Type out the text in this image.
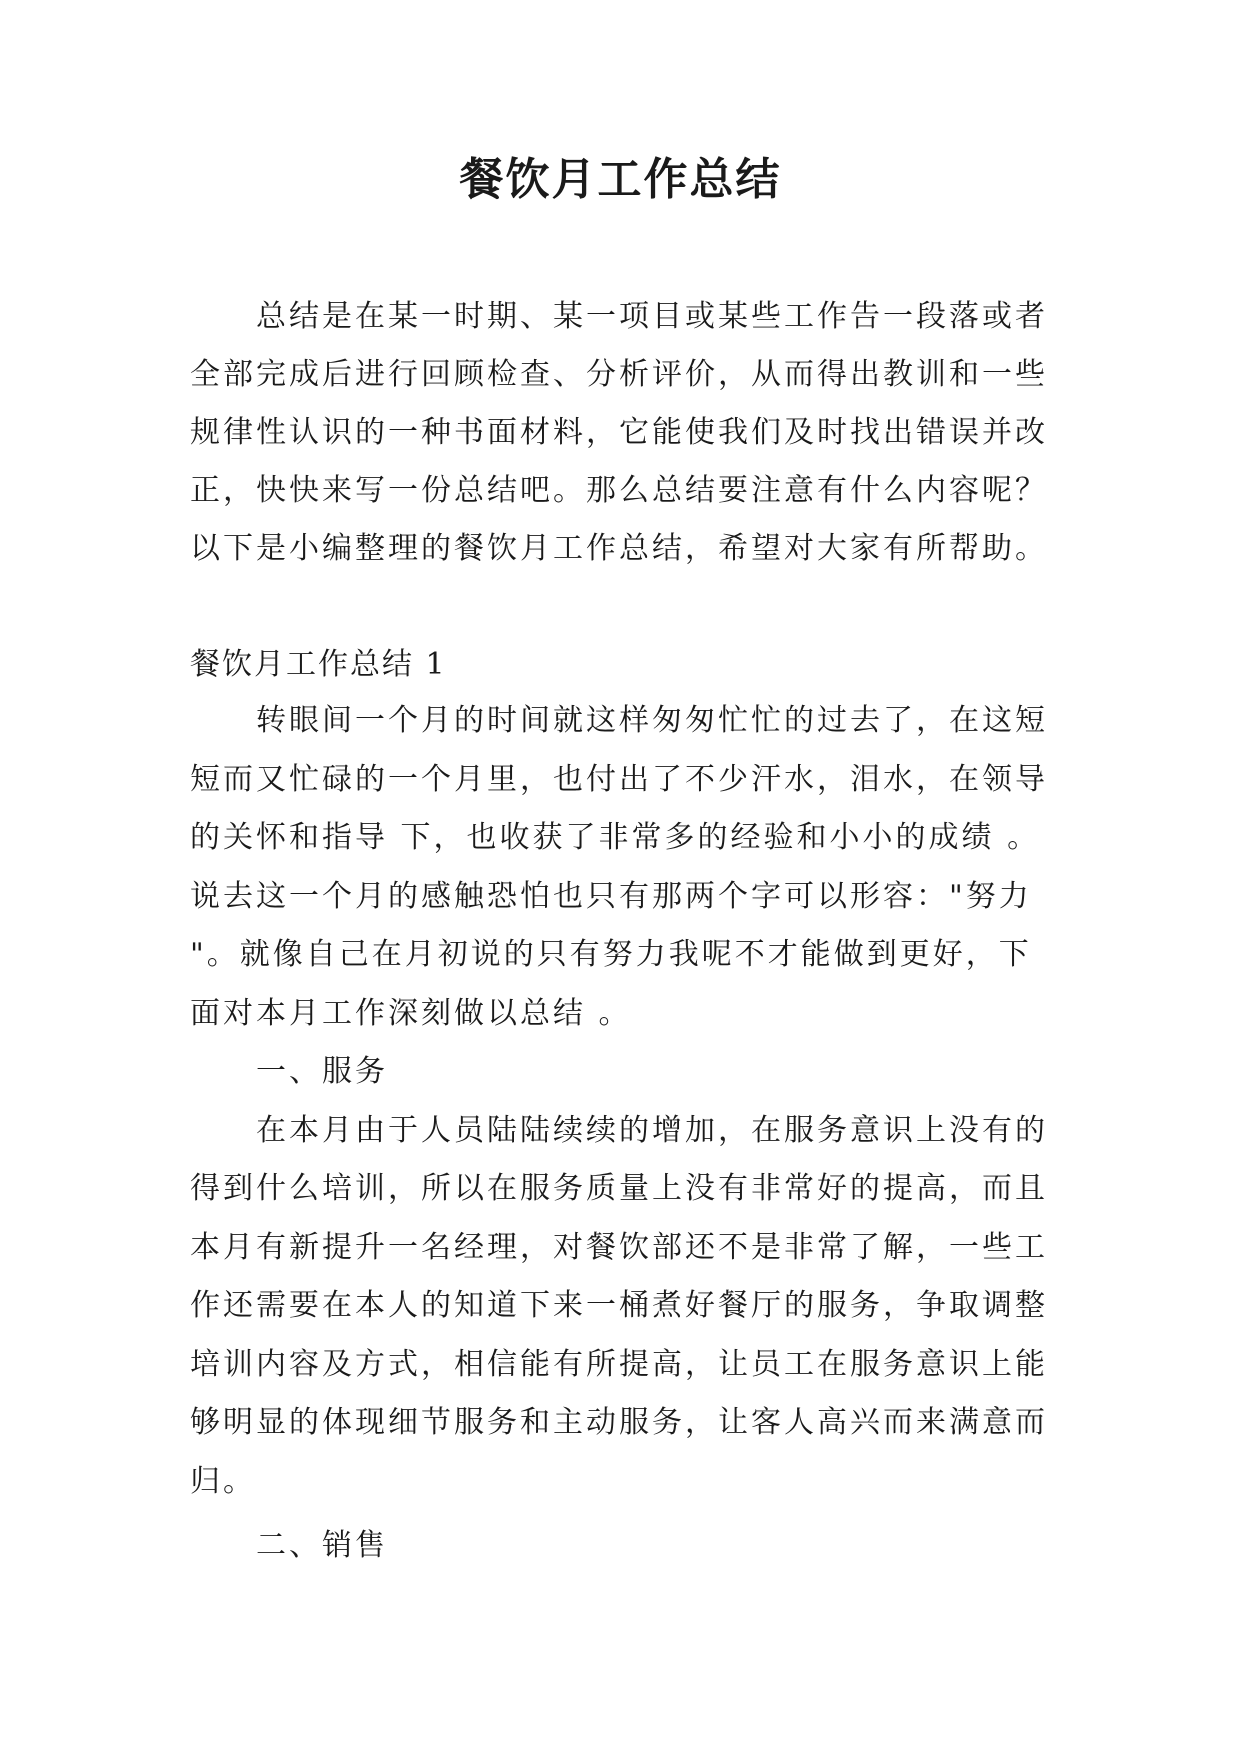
餐饮月工作总结
总结是在某一时期、某一项目或某些工作告一段落或者
全部完成后进行回顾检查、分析评价，从而得出教训和一些
规律性认识的一种书面材料，它能使我们及时找出错误并改
正，快快来写一份总结吧。那么总结要注意有什么内容呢？
以下是小编整理的餐饮月工作总结，希望对大家有所帮助。
餐饮月工作总结 1
转眼间一个月的时间就这样匆匆忙忙的过去了，在这短
短而又忙碌的一个月里，也付出了不少汗水，泪水，在领导
的关怀和指导 下，也收获了非常多的经验和小小的成绩 。
说去这一个月的感触恐怕也只有那两个字可以形容："努力
"。就像自己在月初说的只有努力我呢不才能做到更好，下
面对本月工作深刻做以总结 。
一、服务
在本月由于人员陆陆续续的增加，在服务意识上没有的
得到什么培训，所以在服务质量上没有非常好的提高，而且
本月有新提升一名经理，对餐饮部还不是非常了解，一些工
作还需要在本人的知道下来一桶煮好餐厅的服务，争取调整
培训内容及方式，相信能有所提高，让员工在服务意识上能
够明显的体现细节服务和主动服务，让客人高兴而来满意而
归。
二、销售
